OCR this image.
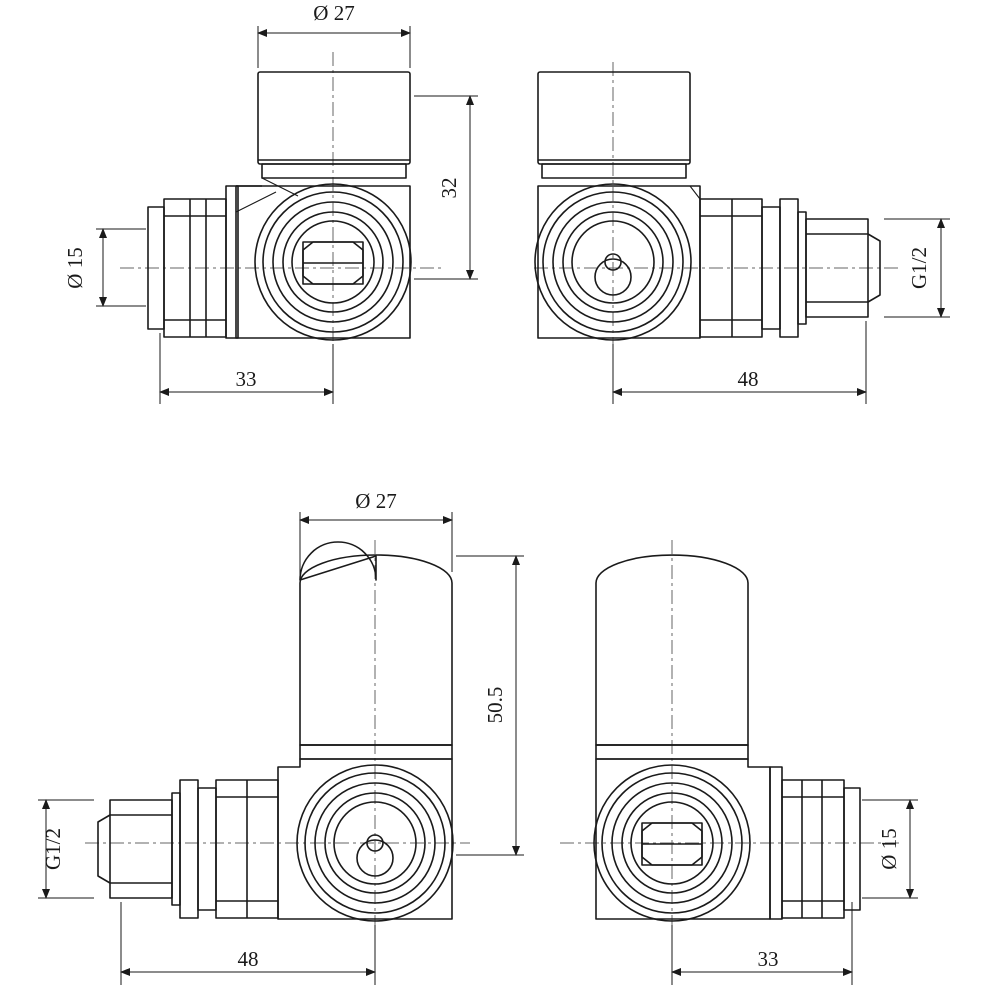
Ø 27
32
Ø 15
33
G1/2
48
Ø 27
50.5
G1/2
48
Ø 15
33
